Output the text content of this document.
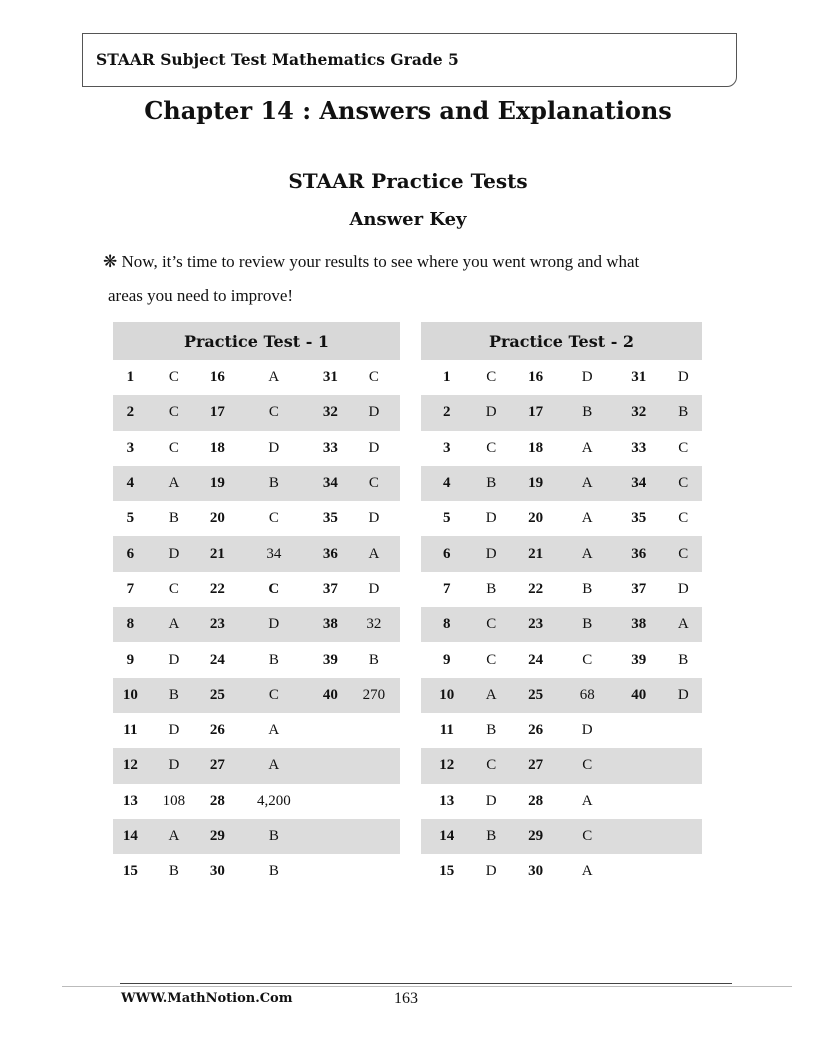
STAAR Subject Test Mathematics Grade 5
Chapter 14 : Answers and Explanations
STAAR Practice Tests
Answer Key
❋ Now, it’s time to review your results to see where you went wrong and what
areas you need to improve!
Practice Test - 1					
1	C	16	A	31	C
2	C	17	C	32	D
3	C	18	D	33	D
4	A	19	B	34	C
5	B	20	C	35	D
6	D	21	34	36	A
7	C	22	C	37	D
8	A	23	D	38	32
9	D	24	B	39	B
10	B	25	C	40	270
11	D	26	A		
12	D	27	A		
13	108	28	4,200		
14	A	29	B		
15	B	30	B		
Practice Test - 2					
1	C	16	D	31	D
2	D	17	B	32	B
3	C	18	A	33	C
4	B	19	A	34	C
5	D	20	A	35	C
6	D	21	A	36	C
7	B	22	B	37	D
8	C	23	B	38	A
9	C	24	C	39	B
10	A	25	68	40	D
11	B	26	D		
12	C	27	C		
13	D	28	A		
14	B	29	C		
15	D	30	A		
WWW.MathNotion.Com	163
